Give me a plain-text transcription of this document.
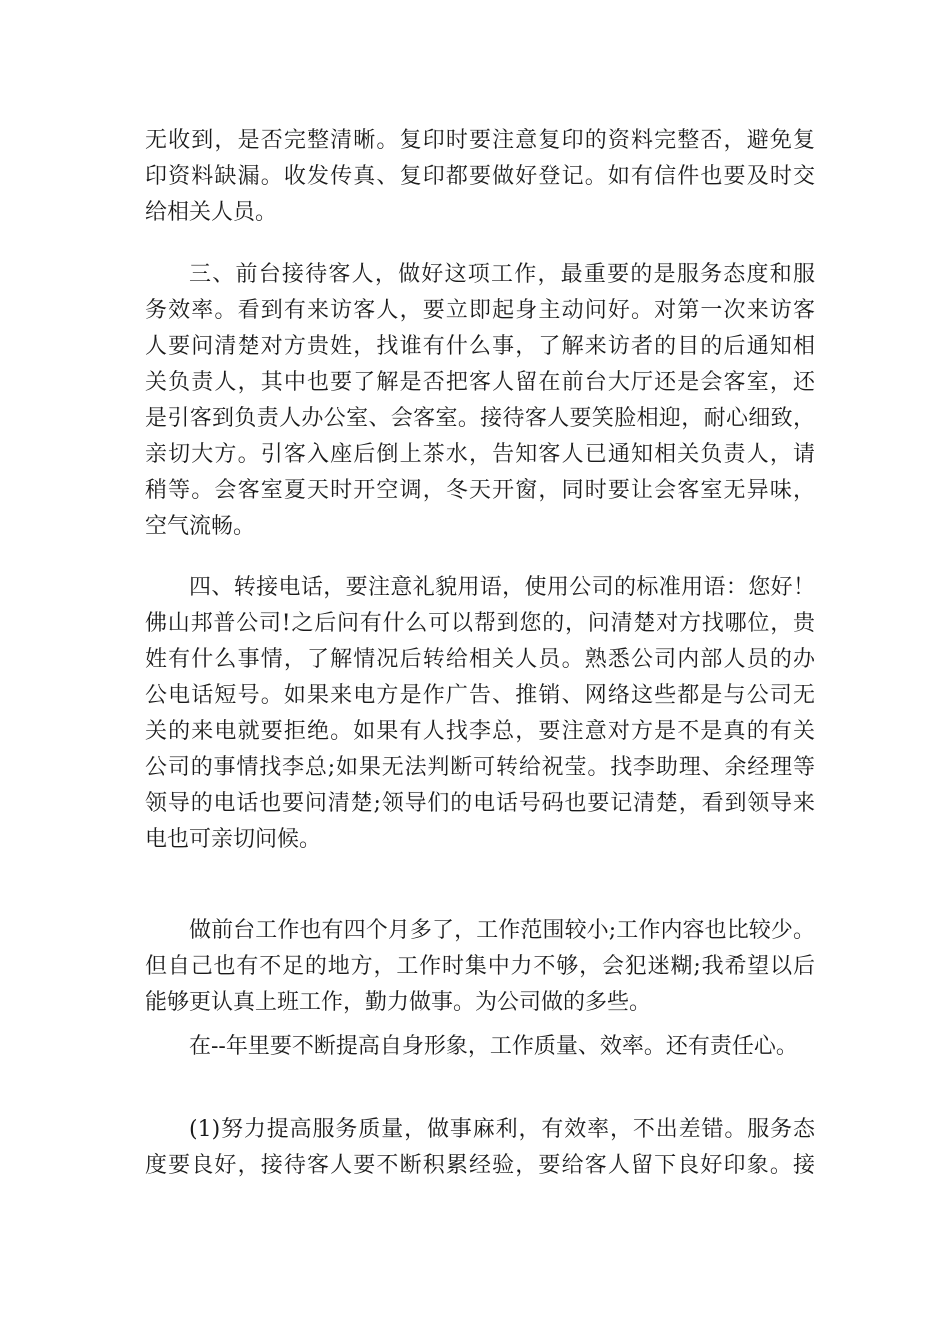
无收到，是否完整清晰。复印时要注意复印的资料完整否，避免复
印资料缺漏。收发传真、复印都要做好登记。如有信件也要及时交
给相关人员。
三、前台接待客人，做好这项工作，最重要的是服务态度和服
务效率。看到有来访客人，要立即起身主动问好。对第一次来访客
人要问清楚对方贵姓，找谁有什么事，了解来访者的目的后通知相
关负责人，其中也要了解是否把客人留在前台大厅还是会客室，还
是引客到负责人办公室、会客室。接待客人要笑脸相迎，耐心细致，
亲切大方。引客入座后倒上茶水，告知客人已通知相关负责人，请
稍等。会客室夏天时开空调，冬天开窗，同时要让会客室无异味，
空气流畅。
四、转接电话，要注意礼貌用语，使用公司的标准用语：您好！
佛山邦普公司!之后问有什么可以帮到您的，问清楚对方找哪位，贵
姓有什么事情，了解情况后转给相关人员。熟悉公司内部人员的办
公电话短号。如果来电方是作广告、推销、网络这些都是与公司无
关的来电就要拒绝。如果有人找李总，要注意对方是不是真的有关
公司的事情找李总;如果无法判断可转给祝莹。找李助理、余经理等
领导的电话也要问清楚;领导们的电话号码也要记清楚，看到领导来
电也可亲切问候。
做前台工作也有四个月多了，工作范围较小;工作内容也比较少。
但自己也有不足的地方，工作时集中力不够，会犯迷糊;我希望以后
能够更认真上班工作，勤力做事。为公司做的多些。
在--年里要不断提高自身形象，工作质量、效率。还有责任心。
(1)努力提高服务质量，做事麻利，有效率，不出差错。服务态
度要良好，接待客人要不断积累经验，要给客人留下良好印象。接
